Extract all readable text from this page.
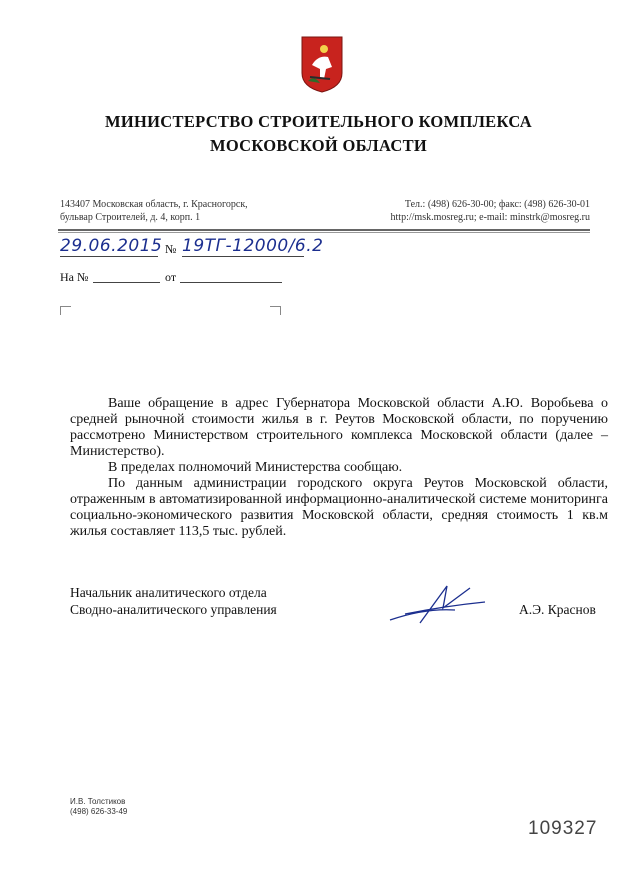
МИНИСТЕРСТВО СТРОИТЕЛЬНОГО КОМПЛЕКСА
МОСКОВСКОЙ ОБЛАСТИ
143407 Московская область, г. Красногорск,
бульвар Строителей, д. 4, корп. 1
Тел.: (498) 626-30-00; факс: (498) 626-30-01
http://msk.mosreg.ru; e-mail: minstrk@mosreg.ru
29.06.2015 № 19ТГ-12000/6.2
На №	от

Ваше обращение в адрес Губернатора Московской области А.Ю. Воробьева о средней рыночной стоимости жилья в г. Реутов Московской области, по поручению рассмотрено Министерством строительного комплекса Московской области (далее – Министерство).

В пределах полномочий Министерства сообщаю.

По данным администрации городского округа Реутов Московской области, отраженным в автоматизированной информационно-аналитической системе мониторинга социально-экономического развития Московской области, средняя стоимость 1 кв.м жилья составляет 113,5 тыс. рублей.

Начальник аналитического отдела
Сводно-аналитического управления	А.Э. Краснов
И.В. Толстиков
(498) 626-33-49
109327
